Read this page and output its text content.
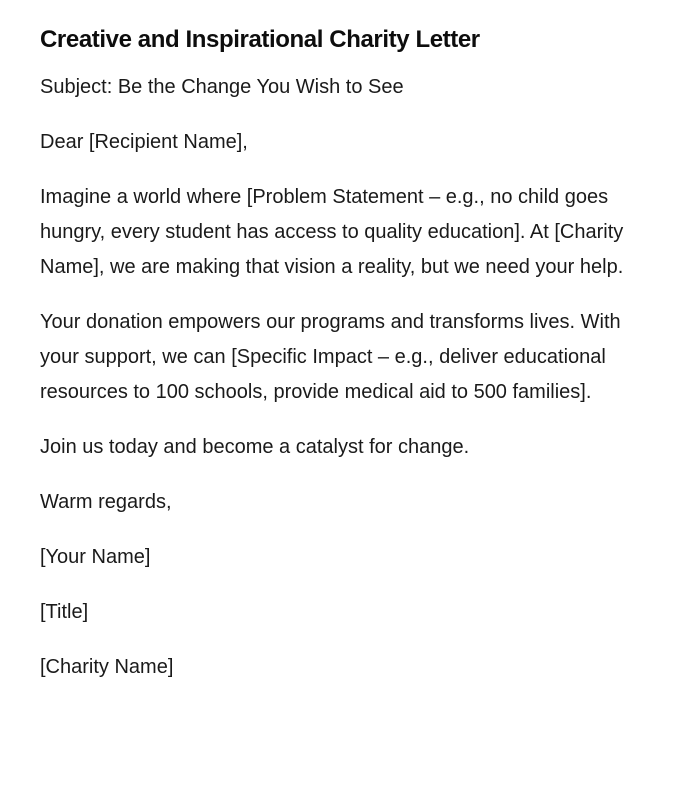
Creative and Inspirational Charity Letter

Subject: Be the Change You Wish to See

Dear [Recipient Name],

Imagine a world where [Problem Statement – e.g., no child goes hungry, every student has access to quality education]. At [Charity Name], we are making that vision a reality, but we need your help.

Your donation empowers our programs and transforms lives. With your support, we can [Specific Impact – e.g., deliver educational resources to 100 schools, provide medical aid to 500 families].

Join us today and become a catalyst for change.

Warm regards,

[Your Name]

[Title]

[Charity Name]
